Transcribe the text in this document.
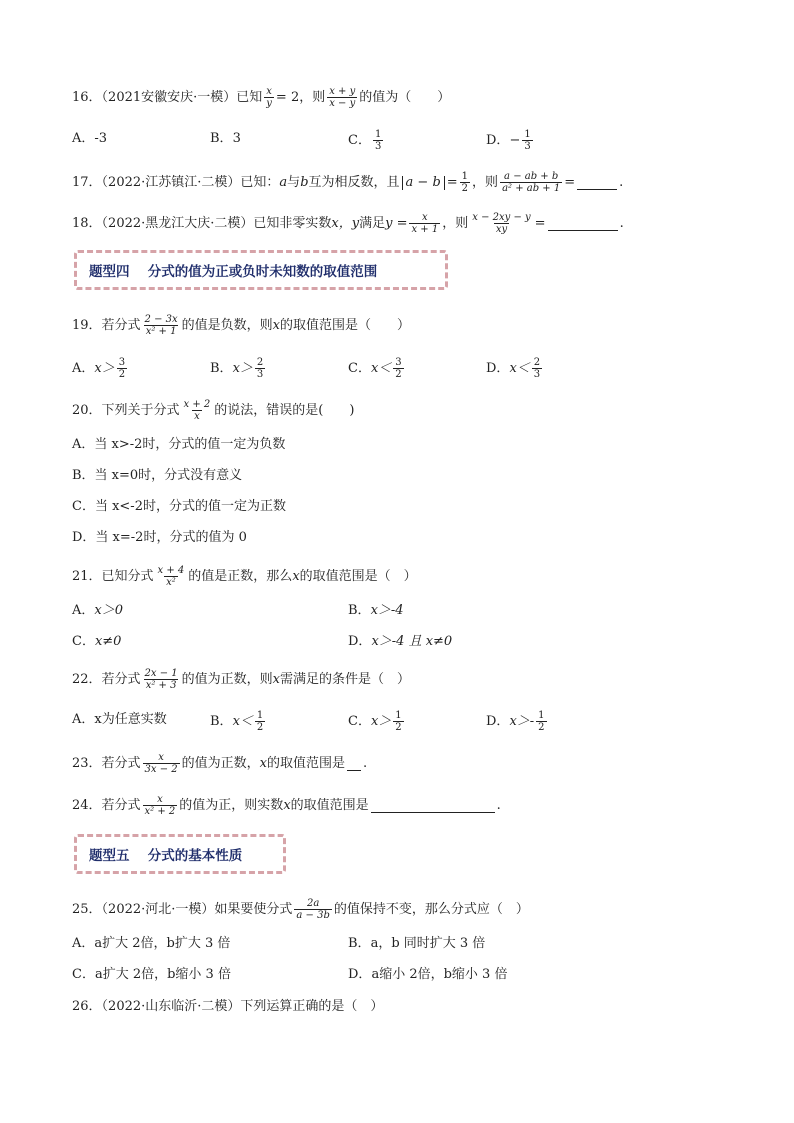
16．（2021安徽安庆·一模）已知 $\frac{x}{y} = 2$ ，则 $\frac{x + y}{x - y}$ 的值为（　　）
A． -3	B． 3	C． $\frac{1}{3}$	D． − $\frac{1}{3}$
17．（2022·江苏镇江·二模）已知： a 与 b 互为相反数，且 $a - b = \frac{1}{2}$ ，则 $\frac{a - ab + b}{\text{a² + ab + 1}}$ =	.
18．（2022·黑龙江大庆·二模）已知非零实数 x，y 满足 $y = \frac{x}{x + 1}$ ，则 $\frac{x - 2xy - y}{xy}$ =	.
题型四　 分式的值为正或负时未知数的取值范围
19．若分式 $\frac{2 - 3x}{\text{x² + 1}}$ 的值是负数，则 x 的取值范围是（　　）
A． $x> \frac{3}{2}$	B． $x> \frac{2}{3}$	C． $x< \frac{3}{2}$	D． $x< \frac{2}{3}$
20．下列关于分式 $\frac{x + 2}{x}$ 的说法，错误的是(　　)
A．当 x>-2时，分式的值一定为负数
B．当 x=0时，分式没有意义
C．当 x<-2时，分式的值一定为正数
D．当 x=-2时，分式的值为 0
21．已知分式 $\frac{x + 4}{\text{x²}}$ 的值是正数，那么 x 的取值范围是（　）
A． x＞0	B． x＞-4
C． x≠0	D． x＞-4 且 x≠0
22．若分式 $\frac{2x - 1}{\text{x² + 3}}$ 的值为正数，则 x 需满足的条件是（　）
A． x为任意实数	B． $x< \frac{1}{2}$	C． $x> \frac{1}{2}$	D． $x>- \frac{1}{2}$
23．若分式 $\frac{x}{3x - 2}$ 的值为正数， x 的取值范围是 .
24．若分式 $\frac{x}{\text{x² + 2}}$ 的值为正，则实数 x 的取值范围是	.
题型五　 分式的基本性质
25．（2022·河北·一模）如果要使分式 $\frac{2a}{a - 3b}$ 的值保持不变，那么分式应（　）
A． a扩大 2倍，b扩大 3 倍	B． a，b 同时扩大 3 倍
C． a扩大 2倍，b缩小 3 倍	D． a缩小 2倍，b缩小 3 倍
26．（2022·山东临沂·二模）下列运算正确的是（　）
